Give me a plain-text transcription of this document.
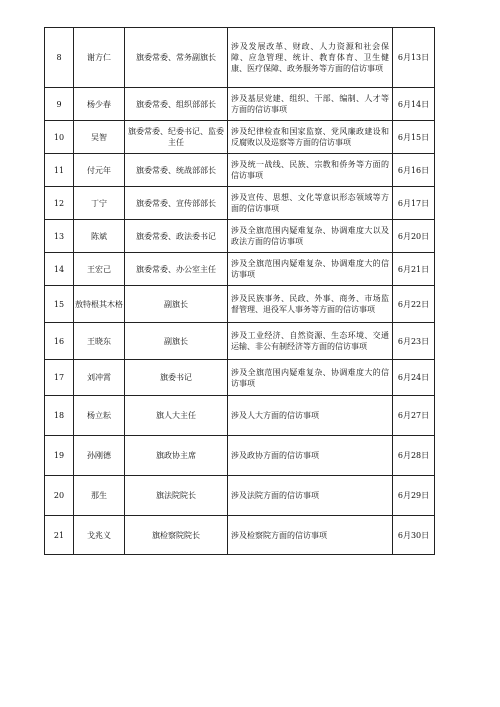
8	谢方仁	旗委常委、常务副旗长	涉及发展改革、财政、人力资源和社会保障、应急管理、统计、教育体育、卫生健康、医疗保障、政务服务等方面的信访事项	6月13日
9	杨少春	旗委常委、组织部部长	涉及基层党建、组织、干部、编制、人才等方面的信访事项	6月14日
10	吴智	旗委常委、纪委书记、监委主任	涉及纪律检查和国家监察、党风廉政建设和反腐败以及巡察等方面的信访事项	6月15日
11	付元年	旗委常委、统战部部长	涉及统一战线、民族、宗教和侨务等方面的信访事项	6月16日
12	丁宁	旗委常委、宣传部部长	涉及宣传、思想、文化等意识形态领域等方面的信访事项	6月17日
13	陈斌	旗委常委、政法委书记	涉及全旗范围内疑难复杂、协调难度大以及政法方面的信访事项	6月20日
14	王宏己	旗委常委、办公室主任	涉及全旗范围内疑难复杂、协调难度大的信访事项	6月21日
15	敖特根其木格	副旗长	涉及民族事务、民政、外事、商务、市场监督管理、退役军人事务等方面的信访事项	6月22日
16	王晓东	副旗长	涉及工业经济、自然资源、生态环境、交通运输、非公有制经济等方面的信访事项	6月23日
17	刘冲霄	旗委书记	涉及全旗范围内疑难复杂、协调难度大的信访事项	6月24日
18	杨立耘	旗人大主任	涉及人大方面的信访事项	6月27日
19	孙刚德	旗政协主席	涉及政协方面的信访事项	6月28日
20	那生	旗法院院长	涉及法院方面的信访事项	6月29日
21	戈兆义	旗检察院院长	涉及检察院方面的信访事项	6月30日
